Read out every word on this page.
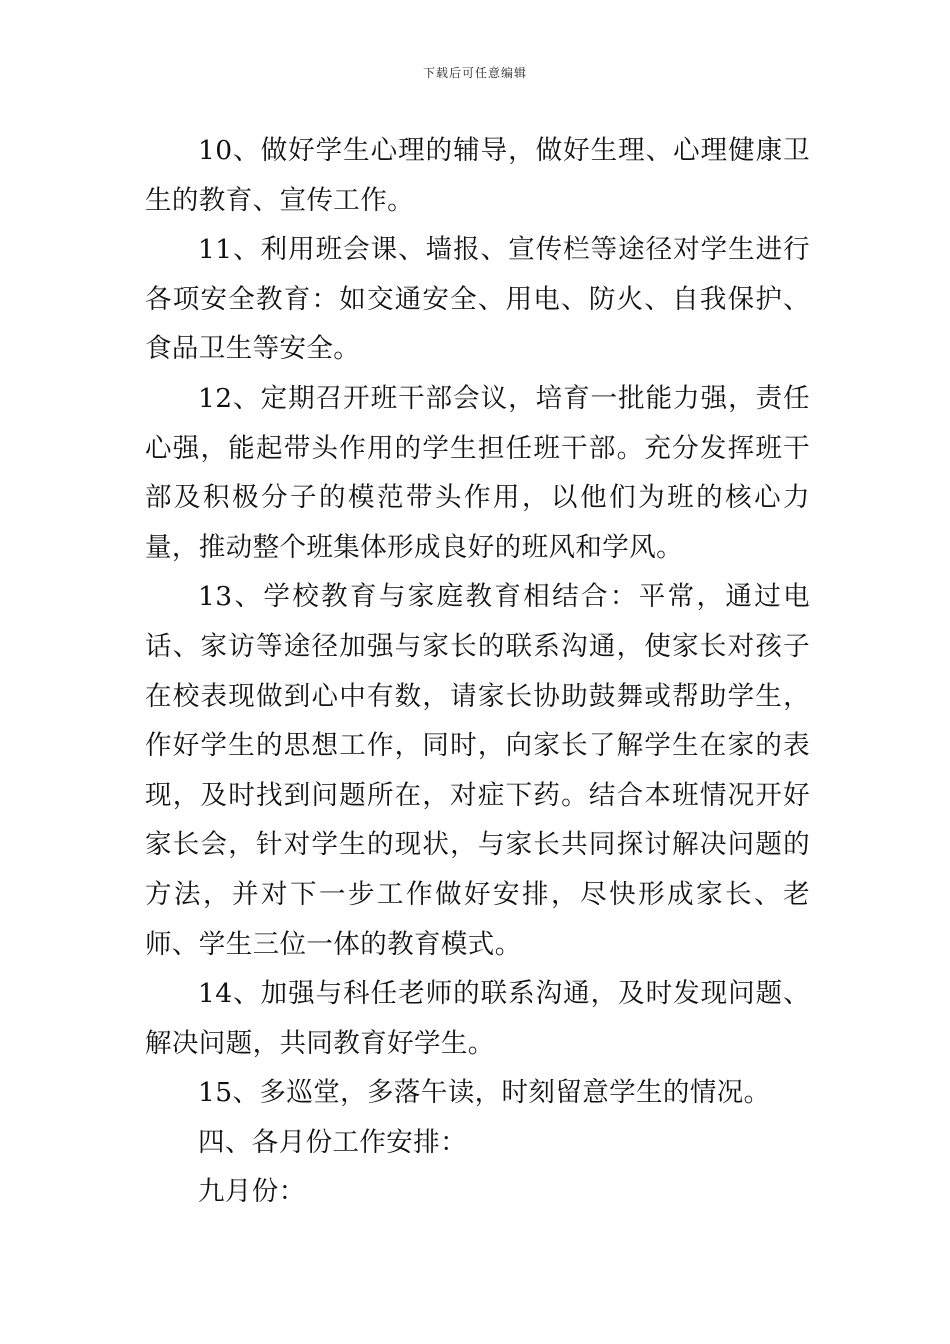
下载后可任意编辑

10、做好学生心理的辅导，做好生理、心理健康卫生的教育、宣传工作。

11、利用班会课、墙报、宣传栏等途径对学生进行各项安全教育：如交通安全、用电、防火、自我保护、食品卫生等安全。

12、定期召开班干部会议，培育一批能力强，责任心强，能起带头作用的学生担任班干部。充分发挥班干部及积极分子的模范带头作用，以他们为班的核心力量，推动整个班集体形成良好的班风和学风。

13、学校教育与家庭教育相结合：平常，通过电话、家访等途径加强与家长的联系沟通，使家长对孩子在校表现做到心中有数，请家长协助鼓舞或帮助学生，作好学生的思想工作，同时，向家长了解学生在家的表现，及时找到问题所在，对症下药。结合本班情况开好家长会，针对学生的现状，与家长共同探讨解决问题的方法，并对下一步工作做好安排，尽快形成家长、老师、学生三位一体的教育模式。

14、加强与科任老师的联系沟通，及时发现问题、解决问题，共同教育好学生。

15、多巡堂，多落午读，时刻留意学生的情况。

四、各月份工作安排：

九月份：
